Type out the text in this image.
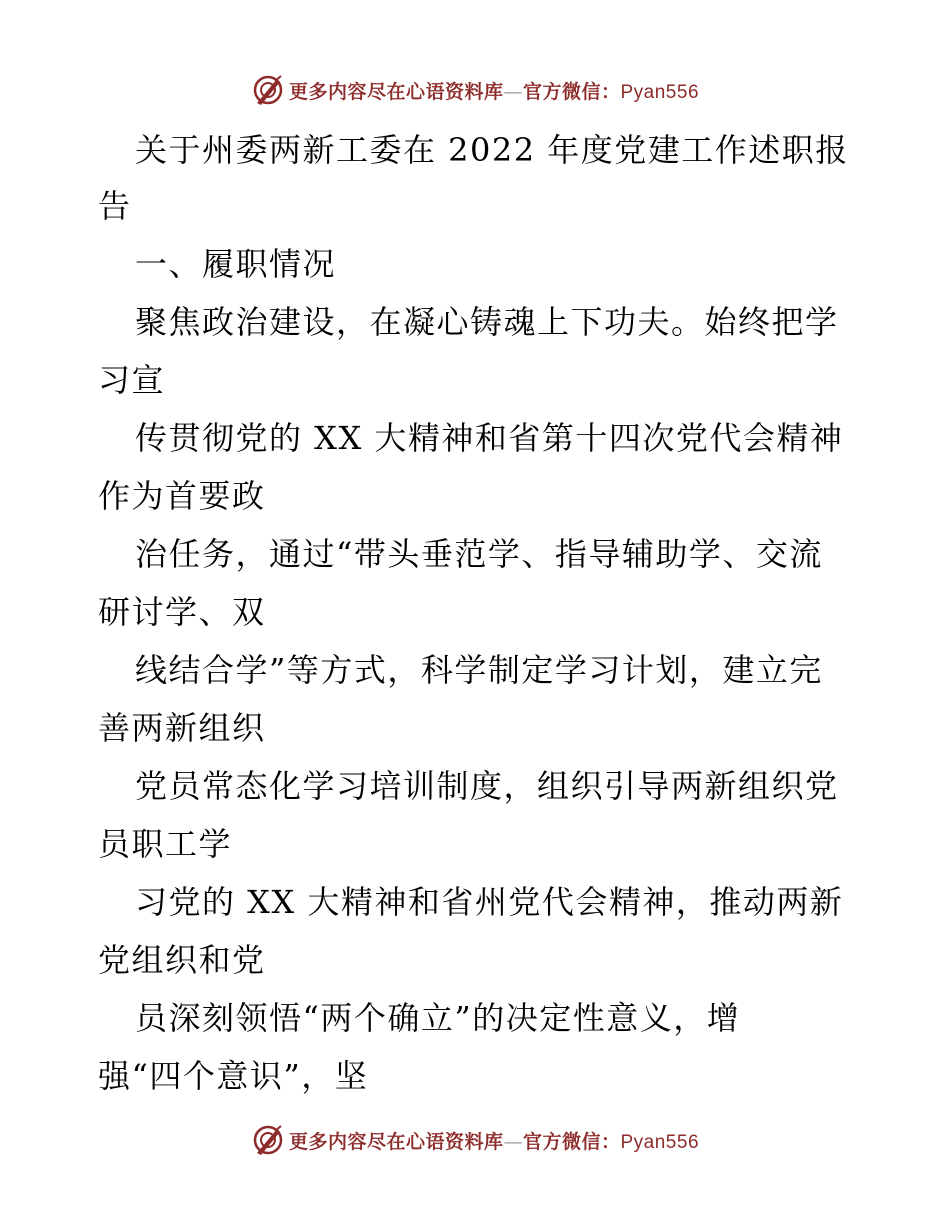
更多内容尽在心语资料库—官方微信：Pyan556
关于州委两新工委在 2022 年度党建工作述职报
告
一、履职情况
聚焦政治建设，在凝心铸魂上下功夫。始终把学
习宣
传贯彻党的 XX 大精神和省第十四次党代会精神
作为首要政
治任务，通过“带头垂范学、指导辅助学、交流
研讨学、双
线结合学”等方式，科学制定学习计划，建立完
善两新组织
党员常态化学习培训制度，组织引导两新组织党
员职工学
习党的 XX 大精神和省州党代会精神，推动两新
党组织和党
员深刻领悟“两个确立”的决定性意义，增
强“四个意识”，坚
更多内容尽在心语资料库—官方微信：Pyan556
